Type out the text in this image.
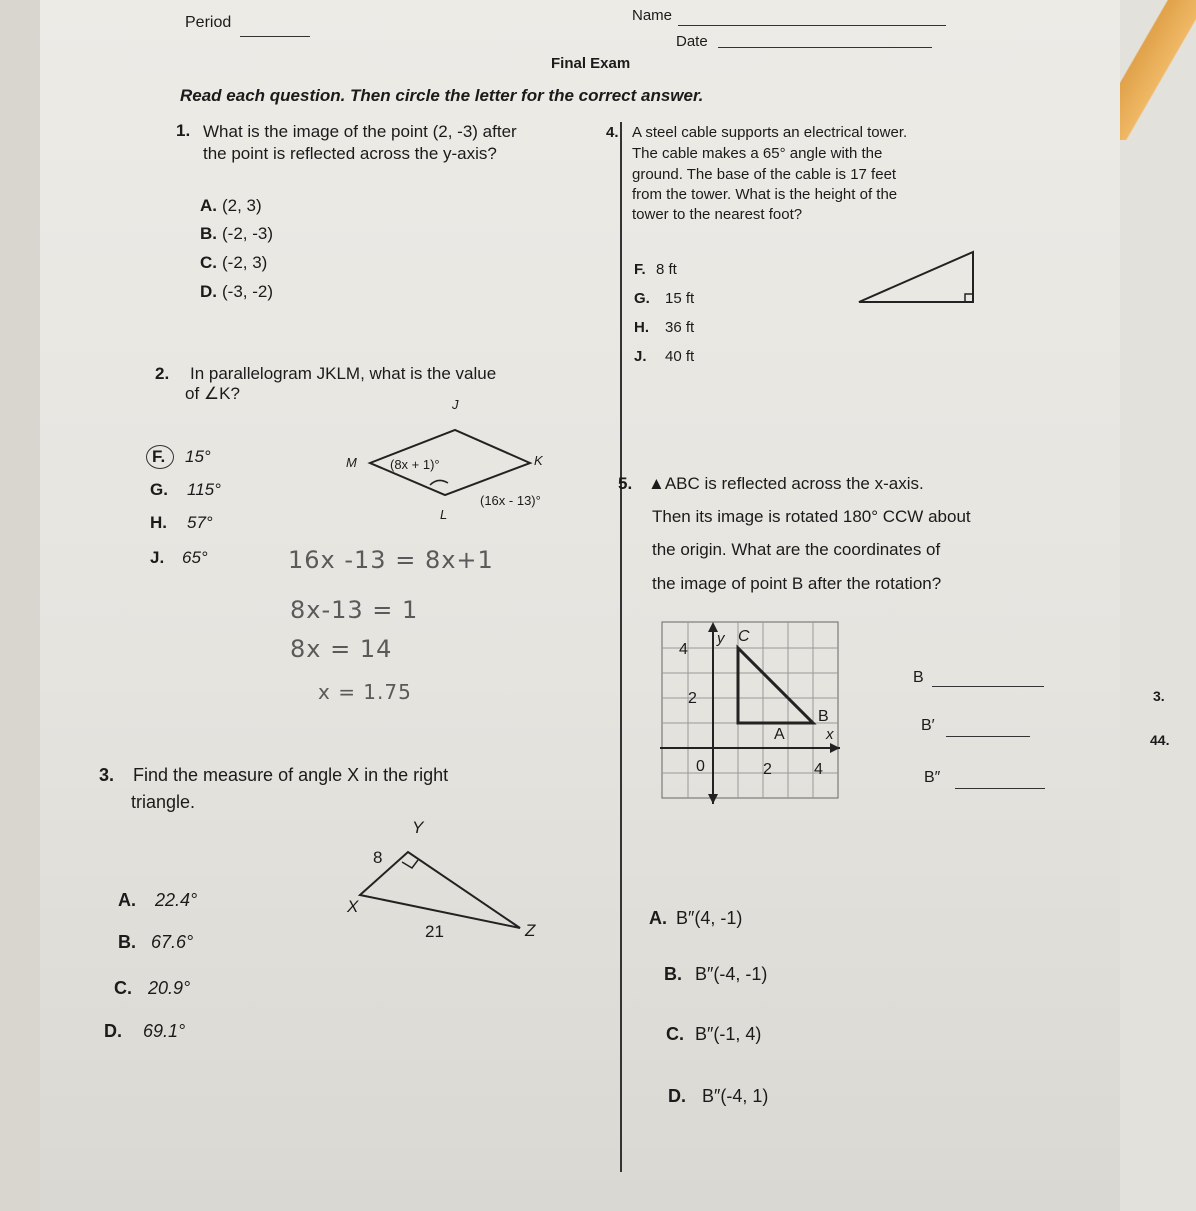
Period	Name
Date
Final Exam
Read each question. Then circle the letter for the correct answer.
1. What is the image of the point (2, -3) after
the point is reflected across the y-axis?
A. (2, 3)
B. (-2, -3)
C. (-2, 3)
D. (-3, -2)
2. In parallelogram JKLM, what is the value
of ∠K?
F. 15°
G. 115°
H. 57°
J. 65°
J
M	K
L
(8x + 1)°
(16x - 13)°
16x -13 = 8x+1
8x-13 = 1
8x = 14
x = 1.75
3. Find the measure of angle X in the right
triangle.
Y
X
Z
8
21
A. 22.4°
B. 67.6°
C. 20.9°
D. 69.1°
4. A steel cable supports an electrical tower.
The cable makes a 65° angle with the
ground. The base of the cable is 17 feet
from the tower. What is the height of the
tower to the nearest foot?
F. 8 ft
G. 15 ft
H. 36 ft
J. 40 ft
5. ▲ABC is reflected across the x-axis.
Then its image is rotated 180° CCW about
the origin. What are the coordinates of
the image of point B after the rotation?
y C
4
2
B
A	x
0	2	4
B
B′
B″
A. B″(4, -1)
B. B″(-4, -1)
C. B″(-1, 4)
D. B″(-4, 1)
3.
44.
